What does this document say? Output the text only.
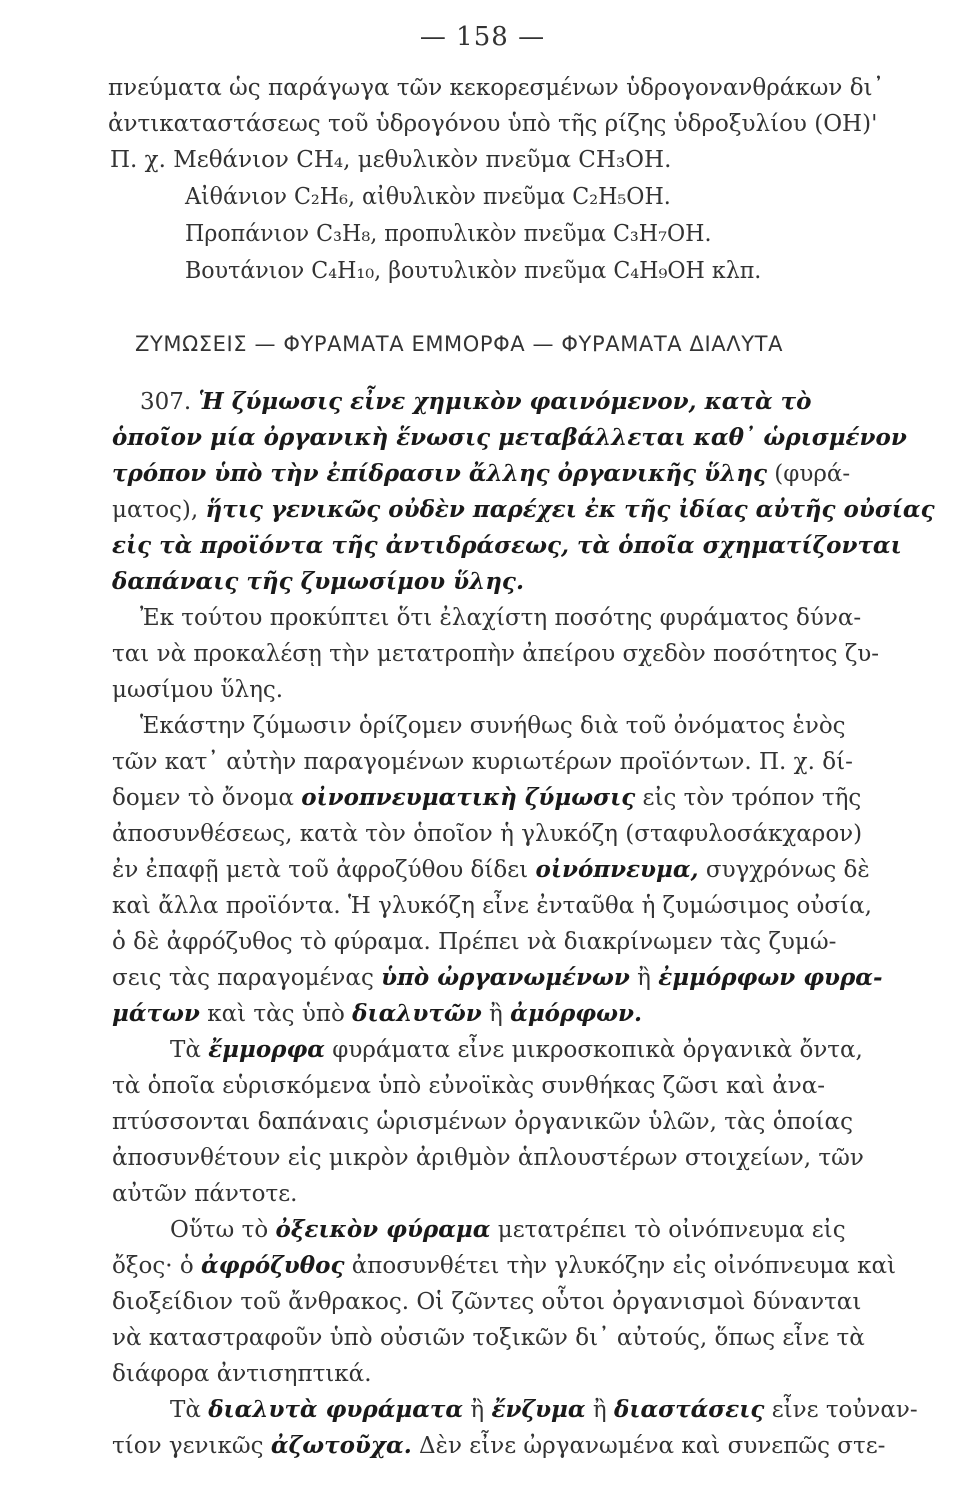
— 158 —
πνεύματα ὡς παράγωγα τῶν κεκορεσμένων ὑδρογονανθράκων δι᾽
ἀντικαταστάσεως τοῦ ὑδρογόνου ὑπὸ τῆς ρίζης ὑδροξυλίου (ΟΗ)'
Π. χ. Μεθάνιον CH₄, μεθυλικὸν πνεῦμα CH₃OH.
Αἰθάνιον C₂H₆, αἰθυλικὸν πνεῦμα C₂H₅OH.
Προπάνιον C₃H₈, προπυλικὸν πνεῦμα C₃H₇OH.
Βουτάνιον C₄H₁₀, βουτυλικὸν πνεῦμα C₄H₉OH κλπ.
ΖΥΜΩΣΕΙΣ — ΦΥΡΑΜΑΤΑ ΕΜΜΟΡΦΑ — ΦΥΡΑΜΑΤΑ ΔΙΑΛΥΤΑ
307. Ἡ ζύμωσις εἶνε χημικὸν φαινόμενον, κατὰ τὸ
ὁποῖον μία ὀργανικὴ ἕνωσις μεταβάλλεται καθ᾽ ὡρισμένον
τρόπον ὑπὸ τὴν ἐπίδρασιν ἄλλης ὀργανικῆς ὕλης (φυρά-
ματος), ἥτις γενικῶς οὐδὲν παρέχει ἐκ τῆς ἰδίας αὐτῆς οὐσίας
εἰς τὰ προϊόντα τῆς ἀντιδράσεως, τὰ ὁποῖα σχηματίζονται
δαπάναις τῆς ζυμωσίμου ὕλης.
Ἐκ τούτου προκύπτει ὅτι ἐλαχίστη ποσότης φυράματος δύνα-
ται νὰ προκαλέσῃ τὴν μετατροπὴν ἀπείρου σχεδὸν ποσότητος ζυ-
μωσίμου ὕλης.
Ἑκάστην ζύμωσιν ὁρίζομεν συνήθως διὰ τοῦ ὀνόματος ἑνὸς
τῶν κατ᾽ αὐτὴν παραγομένων κυριωτέρων προϊόντων. Π. χ. δί-
δομεν τὸ ὄνομα οἰνοπνευματικὴ ζύμωσις εἰς τὸν τρόπον τῆς
ἀποσυνθέσεως, κατὰ τὸν ὁποῖον ἡ γλυκόζη (σταφυλοσάκχαρον)
ἐν ἐπαφῇ μετὰ τοῦ ἀφροζύθου δίδει οἰνόπνευμα, συγχρόνως δὲ
καὶ ἄλλα προϊόντα. Ἡ γλυκόζη εἶνε ἐνταῦθα ἡ ζυμώσιμος οὐσία,
ὁ δὲ ἀφρόζυθος τὸ φύραμα. Πρέπει νὰ διακρίνωμεν τὰς ζυμώ-
σεις τὰς παραγομένας ὑπὸ ὠργανωμένων ἢ ἐμμόρφων φυρα-
μάτων καὶ τὰς ὑπὸ διαλυτῶν ἢ ἀμόρφων.
Τὰ ἔμμορφα φυράματα εἶνε μικροσκοπικὰ ὀργανικὰ ὄντα,
τὰ ὁποῖα εὑρισκόμενα ὑπὸ εὐνοϊκὰς συνθήκας ζῶσι καὶ ἀνα-
πτύσσονται δαπάναις ὡρισμένων ὀργανικῶν ὑλῶν, τὰς ὁποίας
ἀποσυνθέτουν εἰς μικρὸν ἀριθμὸν ἁπλουστέρων στοιχείων, τῶν
αὐτῶν πάντοτε.
Οὕτω τὸ ὀξεικὸν φύραμα μετατρέπει τὸ οἰνόπνευμα εἰς
ὄξος· ὁ ἀφρόζυθος ἀποσυνθέτει τὴν γλυκόζην εἰς οἰνόπνευμα καὶ
διοξείδιον τοῦ ἄνθρακος. Οἱ ζῶντες οὗτοι ὀργανισμοὶ δύνανται
νὰ καταστραφοῦν ὑπὸ οὐσιῶν τοξικῶν δι᾽ αὐτούς, ὅπως εἶνε τὰ
διάφορα ἀντισηπτικά.
Τὰ διαλυτὰ φυράματα ἢ ἔνζυμα ἢ διαστάσεις εἶνε τοὐναν-
τίον γενικῶς ἀζωτοῦχα. Δὲν εἶνε ὠργανωμένα καὶ συνεπῶς στε-
